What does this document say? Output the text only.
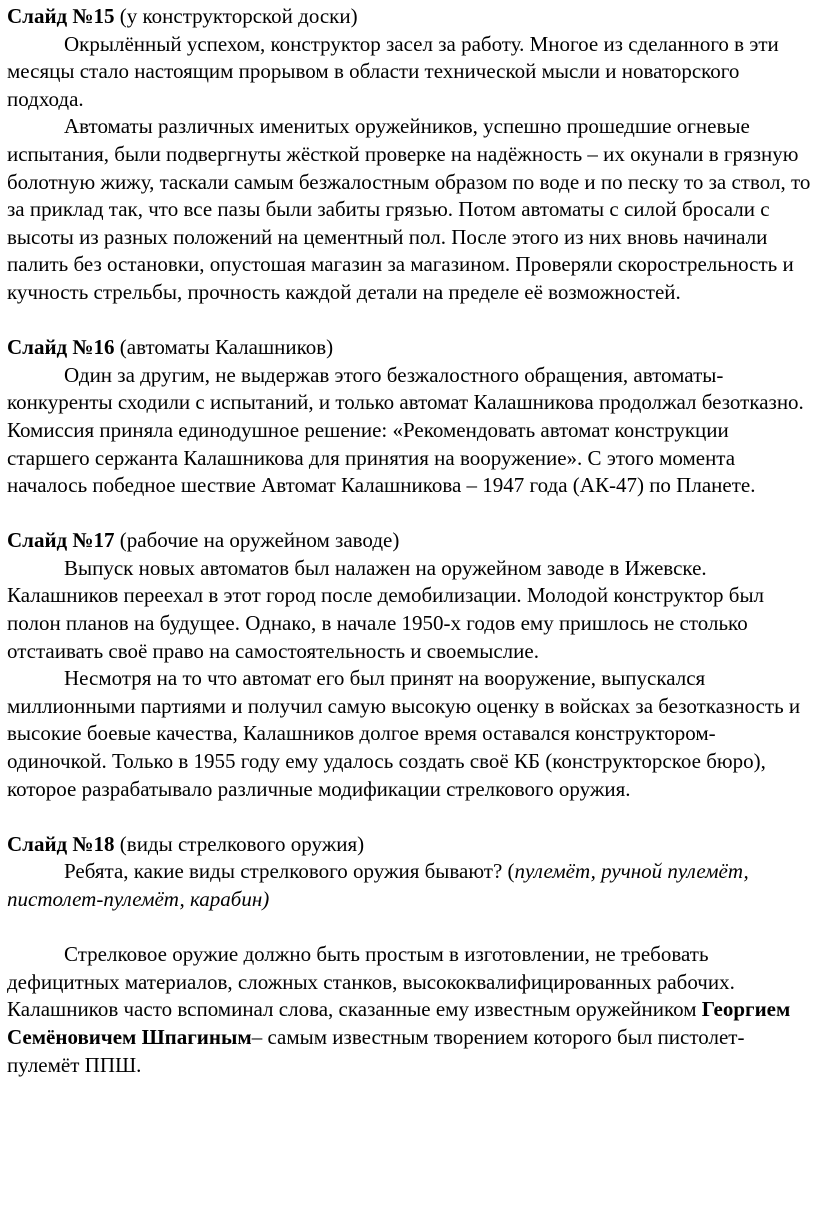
Слайд №15 (у конструкторской доски)

Окрылённый успехом, конструктор засел за работу. Многое из сделанного в эти месяцы стало настоящим прорывом в области технической мысли и новаторского подхода.

Автоматы различных именитых оружейников, успешно прошедшие огневые испытания, были подвергнуты жёсткой проверке на надёжность – их окунали в грязную болотную жижу, таскали самым безжалостным образом по воде и по песку то за ствол, то за приклад так, что все пазы были забиты грязью. Потом автоматы с силой бросали с высоты из разных положений на цементный пол. После этого из них вновь начинали палить без остановки, опустошая магазин за магазином. Проверяли скорострельность и кучность стрельбы, прочность каждой детали на пределе её возможностей.

Слайд №16 (автоматы Калашников)

Один за другим, не выдержав этого безжалостного обращения, автоматы-конкуренты сходили с испытаний, и только автомат Калашникова продолжал безотказно. Комиссия приняла единодушное решение: «Рекомендовать автомат конструкции старшего сержанта Калашникова для принятия на вооружение». С этого момента началось победное шествие Автомат Калашникова – 1947 года (АК-47) по Планете.

Слайд №17 (рабочие на оружейном заводе)

Выпуск новых автоматов был налажен на оружейном заводе в Ижевске. Калашников переехал в этот город после демобилизации. Молодой конструктор был полон планов на будущее. Однако, в начале 1950-х годов ему пришлось не столько отстаивать своё право на самостоятельность и своемыслие.

Несмотря на то что автомат его был принят на вооружение, выпускался миллионными партиями и получил самую высокую оценку в войсках за безотказность и высокие боевые качества, Калашников долгое время оставался конструктором-одиночкой. Только в 1955 году ему удалось создать своё КБ (конструкторское бюро), которое разрабатывало различные модификации стрелкового оружия.

Слайд №18 (виды стрелкового оружия)

Ребята, какие виды стрелкового оружия бывают? (пулемёт, ручной пулемёт, пистолет-пулемёт, карабин)

Стрелковое оружие должно быть простым в изготовлении, не требовать дефицитных материалов, сложных станков, высококвалифицированных рабочих. Калашников часто вспоминал слова, сказанные ему известным оружейником Георгием Семёновичем Шпагиным– самым известным творением которого был пистолет-пулемёт ППШ.
